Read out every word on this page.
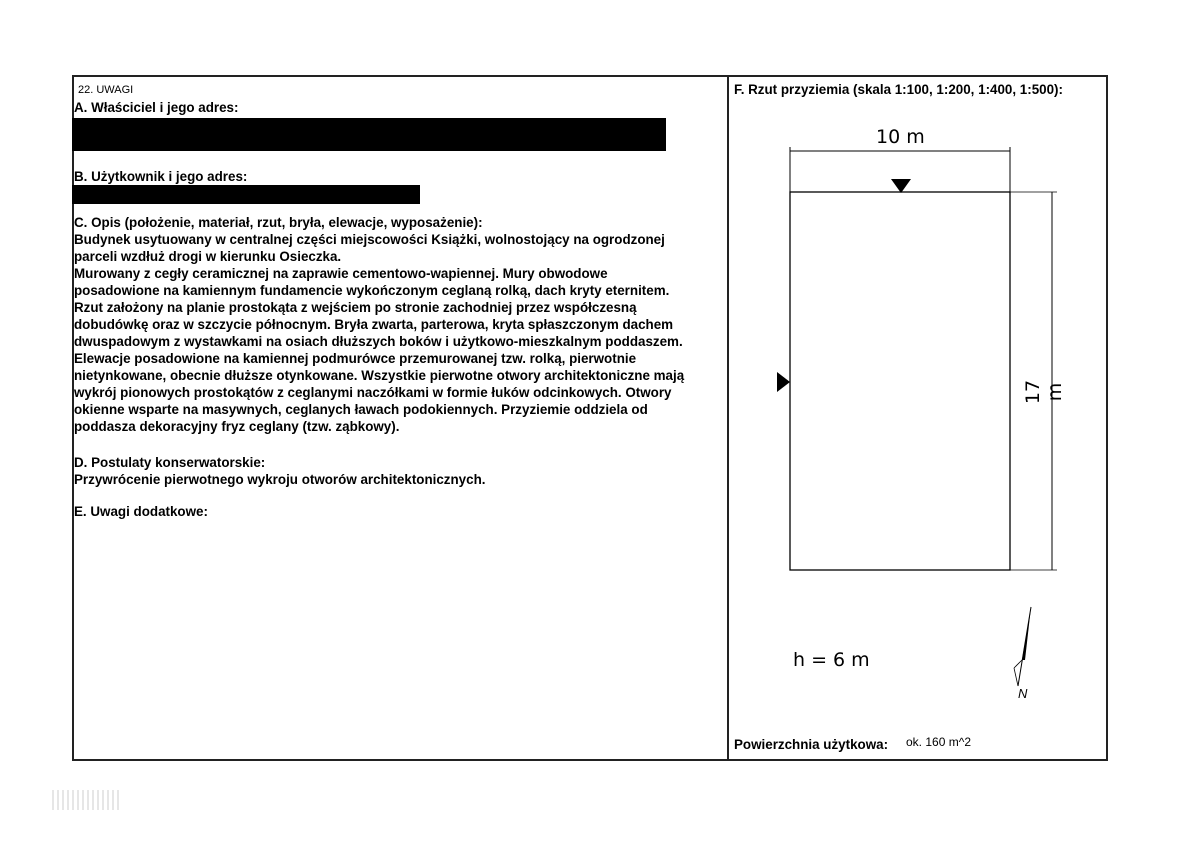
22. UWAGI
A. Właściciel i jego adres:
B. Użytkownik i jego adres:
C. Opis (położenie, materiał, rzut, bryła, elewacje, wyposażenie):
Budynek usytuowany w centralnej części miejscowości Książki, wolnostojący na ogrodzonej
parceli wzdłuż drogi w kierunku Osieczka.
Murowany z cegły ceramicznej na zaprawie cementowo-wapiennej. Mury obwodowe
posadowione na kamiennym fundamencie wykończonym ceglaną rolką, dach kryty eternitem.
Rzut założony na planie prostokąta z wejściem po stronie zachodniej przez współczesną
dobudówkę oraz w szczycie północnym. Bryła zwarta, parterowa, kryta spłaszczonym dachem
dwuspadowym z wystawkami na osiach dłuższych boków i użytkowo-mieszkalnym poddaszem.
Elewacje posadowione na kamiennej podmurówce przemurowanej tzw. rolką, pierwotnie
nietynkowane, obecnie dłuższe otynkowane. Wszystkie pierwotne otwory architektoniczne mają
wykrój pionowych prostokątów z ceglanymi naczółkami w formie łuków odcinkowych. Otwory
okienne wsparte na masywnych, ceglanych ławach podokiennych. Przyziemie oddziela od
poddasza dekoracyjny fryz ceglany (tzw. ząbkowy).
D. Postulaty konserwatorskie:
Przywrócenie pierwotnego wykroju otworów architektonicznych.
E. Uwagi dodatkowe:
F. Rzut przyziemia (skala 1:100, 1:200, 1:400, 1:500):
10 m
17 m
h = 6 m
N
Powierzchnia użytkowa: ok. 160 m^2
